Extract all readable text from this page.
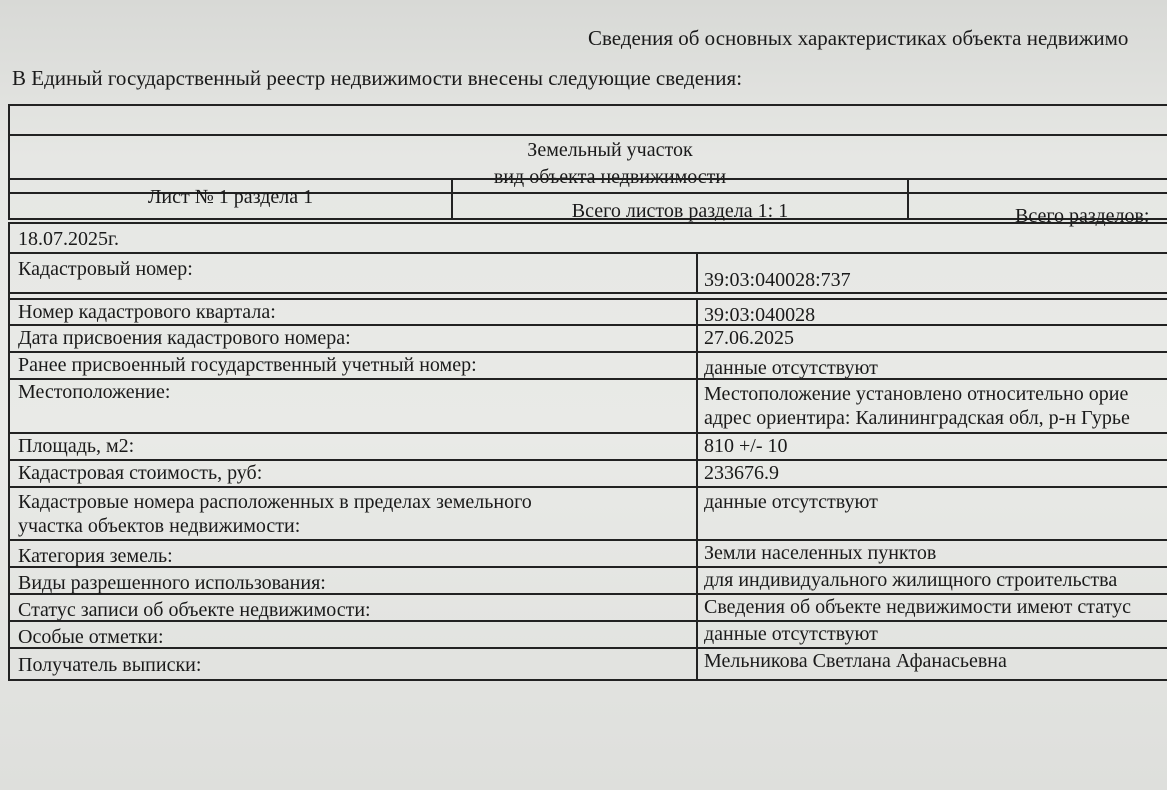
Сведения об основных характеристиках объекта недвижимо
В Единый государственный реестр недвижимости внесены следующие сведения:
Земельный участок
вид объекта недвижимости
Лист № 1 раздела 1
Всего листов раздела 1: 1	Всего разделов:
18.07.2025г.
Кадастровый номер:	39:03:040028:737
Номер кадастрового квартала:	39:03:040028
Дата присвоения кадастрового номера:	27.06.2025
Ранее присвоенный государственный учетный номер:	данные отсутствуют
Местоположение:	Местоположение установлено относительно орие
адрес ориентира: Калининградская обл, р-н Гурье
Площадь, м2:	810 +/- 10
Кадастровая стоимость, руб:	233676.9
Кадастровые номера расположенных в пределах земельного
участка объектов недвижимости:
данные отсутствуют
Категория земель:	Земли населенных пунктов
Виды разрешенного использования:	для индивидуального жилищного строительства
Статус записи об объекте недвижимости:	Сведения об объекте недвижимости имеют статус
Особые отметки:	данные отсутствуют
Получатель выписки:	Мельникова Светлана Афанасьевна
